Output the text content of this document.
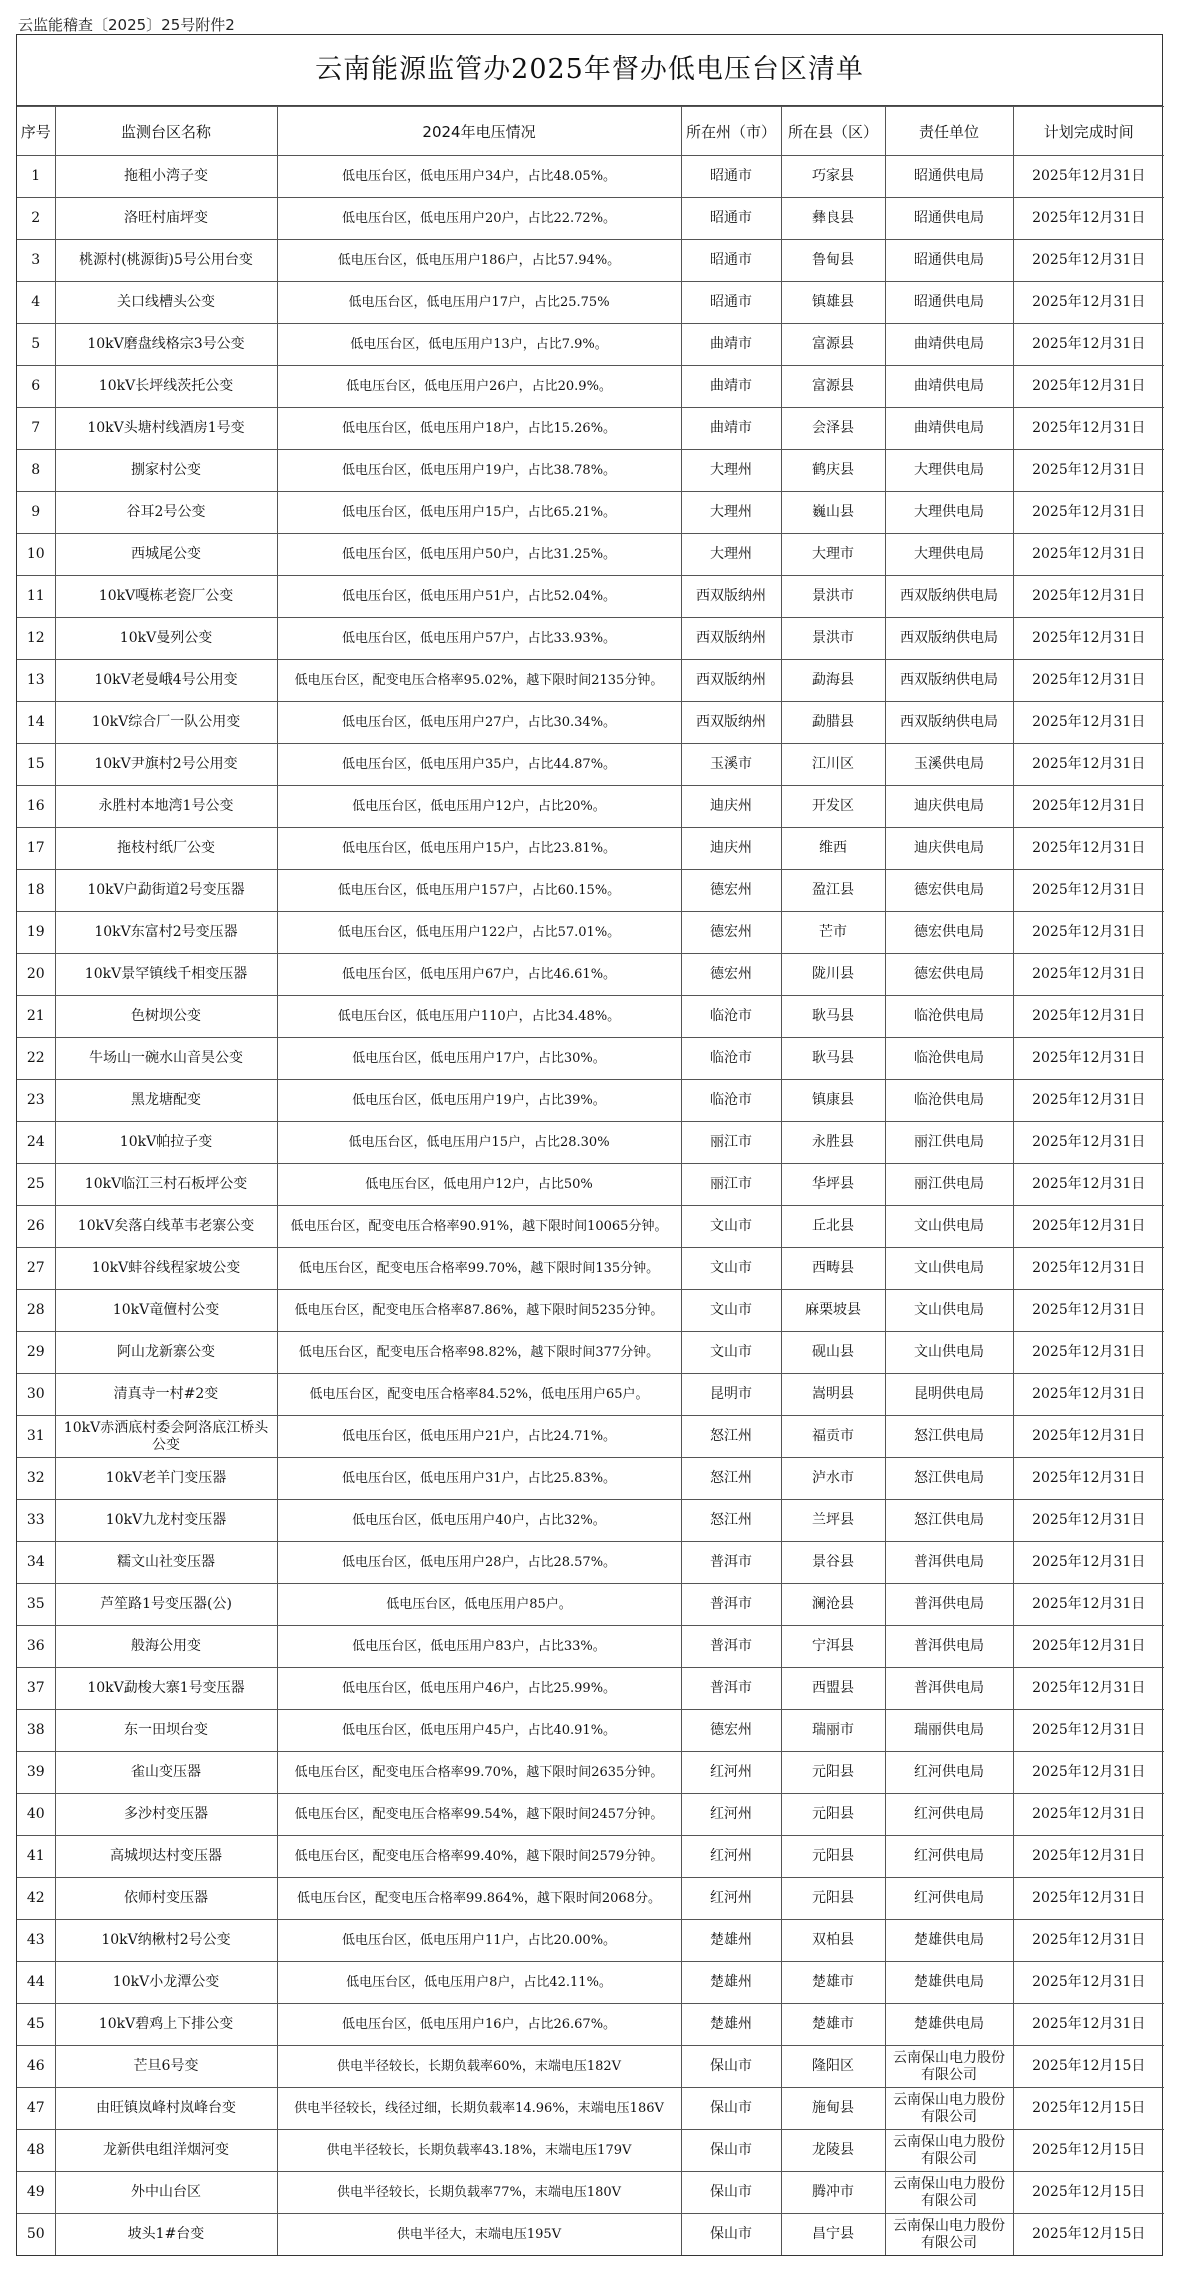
云监能稽查〔2025〕25号附件2
云南能源监管办2025年督办低电压台区清单
序号	监测台区名称	2024年电压情况	所在州（市）	所在县（区）	责任单位	计划完成时间
1	拖租小湾子变	低电压台区，低电压用户34户，占比48.05%。	昭通市	巧家县	昭通供电局	2025年12月31日
2	洛旺村庙坪变	低电压台区，低电压用户20户，占比22.72%。	昭通市	彝良县	昭通供电局	2025年12月31日
3	桃源村(桃源街)5号公用台变	低电压台区，低电压用户186户，占比57.94%。	昭通市	鲁甸县	昭通供电局	2025年12月31日
4	关口线槽头公变	低电压台区，低电压用户17户，占比25.75%	昭通市	镇雄县	昭通供电局	2025年12月31日
5	10kV磨盘线格宗3号公变	低电压台区，低电压用户13户，占比7.9%。	曲靖市	富源县	曲靖供电局	2025年12月31日
6	10kV长坪线茨托公变	低电压台区，低电压用户26户，占比20.9%。	曲靖市	富源县	曲靖供电局	2025年12月31日
7	10kV头塘村线酒房1号变	低电压台区，低电压用户18户，占比15.26%。	曲靖市	会泽县	曲靖供电局	2025年12月31日
8	捌家村公变	低电压台区，低电压用户19户，占比38.78%。	大理州	鹤庆县	大理供电局	2025年12月31日
9	谷耳2号公变	低电压台区，低电压用户15户，占比65.21%。	大理州	巍山县	大理供电局	2025年12月31日
10	西城尾公变	低电压台区，低电压用户50户，占比31.25%。	大理州	大理市	大理供电局	2025年12月31日
11	10kV嘎栋老瓷厂公变	低电压台区，低电压用户51户，占比52.04%。	西双版纳州	景洪市	西双版纳供电局	2025年12月31日
12	10kV曼列公变	低电压台区，低电压用户57户，占比33.93%。	西双版纳州	景洪市	西双版纳供电局	2025年12月31日
13	10kV老曼峨4号公用变	低电压台区，配变电压合格率95.02%，越下限时间2135分钟。	西双版纳州	勐海县	西双版纳供电局	2025年12月31日
14	10kV综合厂一队公用变	低电压台区，低电压用户27户，占比30.34%。	西双版纳州	勐腊县	西双版纳供电局	2025年12月31日
15	10kV尹旗村2号公用变	低电压台区，低电压用户35户，占比44.87%。	玉溪市	江川区	玉溪供电局	2025年12月31日
16	永胜村本地湾1号公变	低电压台区，低电压用户12户，占比20%。	迪庆州	开发区	迪庆供电局	2025年12月31日
17	拖枝村纸厂公变	低电压台区，低电压用户15户，占比23.81%。	迪庆州	维西	迪庆供电局	2025年12月31日
18	10kV户勐街道2号变压器	低电压台区，低电压用户157户，占比60.15%。	德宏州	盈江县	德宏供电局	2025年12月31日
19	10kV东富村2号变压器	低电压台区，低电压用户122户，占比57.01%。	德宏州	芒市	德宏供电局	2025年12月31日
20	10kV景罕镇线千相变压器	低电压台区，低电压用户67户，占比46.61%。	德宏州	陇川县	德宏供电局	2025年12月31日
21	色树坝公变	低电压台区，低电压用户110户，占比34.48%。	临沧市	耿马县	临沧供电局	2025年12月31日
22	牛场山一碗水山音昊公变	低电压台区，低电压用户17户，占比30%。	临沧市	耿马县	临沧供电局	2025年12月31日
23	黑龙塘配变	低电压台区，低电压用户19户，占比39%。	临沧市	镇康县	临沧供电局	2025年12月31日
24	10kV帕拉子变	低电压台区，低电压用户15户，占比28.30%	丽江市	永胜县	丽江供电局	2025年12月31日
25	10kV临江三村石板坪公变	低电压台区，低电用户12户，占比50%	丽江市	华坪县	丽江供电局	2025年12月31日
26	10kV矣落白线革韦老寨公变	低电压台区，配变电压合格率90.91%，越下限时间10065分钟。	文山市	丘北县	文山供电局	2025年12月31日
27	10kV蚌谷线程家坡公变	低电压台区，配变电压合格率99.70%，越下限时间135分钟。	文山市	西畴县	文山供电局	2025年12月31日
28	10kV竜儃村公变	低电压台区，配变电压合格率87.86%，越下限时间5235分钟。	文山市	麻栗坡县	文山供电局	2025年12月31日
29	阿山龙新寨公变	低电压台区，配变电压合格率98.82%，越下限时间377分钟。	文山市	砚山县	文山供电局	2025年12月31日
30	清真寺一村#2变	低电压台区，配变电压合格率84.52%，低电压用户65户。	昆明市	嵩明县	昆明供电局	2025年12月31日
31	10kV赤洒底村委会阿洛底江桥头公变	低电压台区，低电压用户21户，占比24.71%。	怒江州	福贡市	怒江供电局	2025年12月31日
32	10kV老羊门变压器	低电压台区，低电压用户31户，占比25.83%。	怒江州	泸水市	怒江供电局	2025年12月31日
33	10kV九龙村变压器	低电压台区，低电压用户40户，占比32%。	怒江州	兰坪县	怒江供电局	2025年12月31日
34	糯文山社变压器	低电压台区，低电压用户28户，占比28.57%。	普洱市	景谷县	普洱供电局	2025年12月31日
35	芦笙路1号变压器(公)	低电压台区，低电压用户85户。	普洱市	澜沧县	普洱供电局	2025年12月31日
36	般海公用变	低电压台区，低电压用户83户，占比33%。	普洱市	宁洱县	普洱供电局	2025年12月31日
37	10kV勐梭大寨1号变压器	低电压台区，低电压用户46户，占比25.99%。	普洱市	西盟县	普洱供电局	2025年12月31日
38	东一田坝台变	低电压台区，低电压用户45户，占比40.91%。	德宏州	瑞丽市	瑞丽供电局	2025年12月31日
39	雀山变压器	低电压台区，配变电压合格率99.70%，越下限时间2635分钟。	红河州	元阳县	红河供电局	2025年12月31日
40	多沙村变压器	低电压台区，配变电压合格率99.54%，越下限时间2457分钟。	红河州	元阳县	红河供电局	2025年12月31日
41	高城坝达村变压器	低电压台区，配变电压合格率99.40%，越下限时间2579分钟。	红河州	元阳县	红河供电局	2025年12月31日
42	依师村变压器	低电压台区，配变电压合格率99.864%，越下限时间2068分。	红河州	元阳县	红河供电局	2025年12月31日
43	10kV纳楸村2号公变	低电压台区，低电压用户11户，占比20.00%。	楚雄州	双柏县	楚雄供电局	2025年12月31日
44	10kV小龙潭公变	低电压台区，低电压用户8户，占比42.11%。	楚雄州	楚雄市	楚雄供电局	2025年12月31日
45	10kV碧鸡上下排公变	低电压台区，低电压用户16户，占比26.67%。	楚雄州	楚雄市	楚雄供电局	2025年12月31日
46	芒旦6号变	供电半径较长，长期负载率60%，末端电压182V	保山市	隆阳区	云南保山电力股份有限公司	2025年12月15日
47	由旺镇岚峰村岚峰台变	供电半径较长，线径过细，长期负载率14.96%，末端电压186V	保山市	施甸县	云南保山电力股份有限公司	2025年12月15日
48	龙新供电组洋烟河变	供电半径较长，长期负载率43.18%，末端电压179V	保山市	龙陵县	云南保山电力股份有限公司	2025年12月15日
49	外中山台区	供电半径较长，长期负载率77%，末端电压180V	保山市	腾冲市	云南保山电力股份有限公司	2025年12月15日
50	坡头1#台变	供电半径大，末端电压195V	保山市	昌宁县	云南保山电力股份有限公司	2025年12月15日
